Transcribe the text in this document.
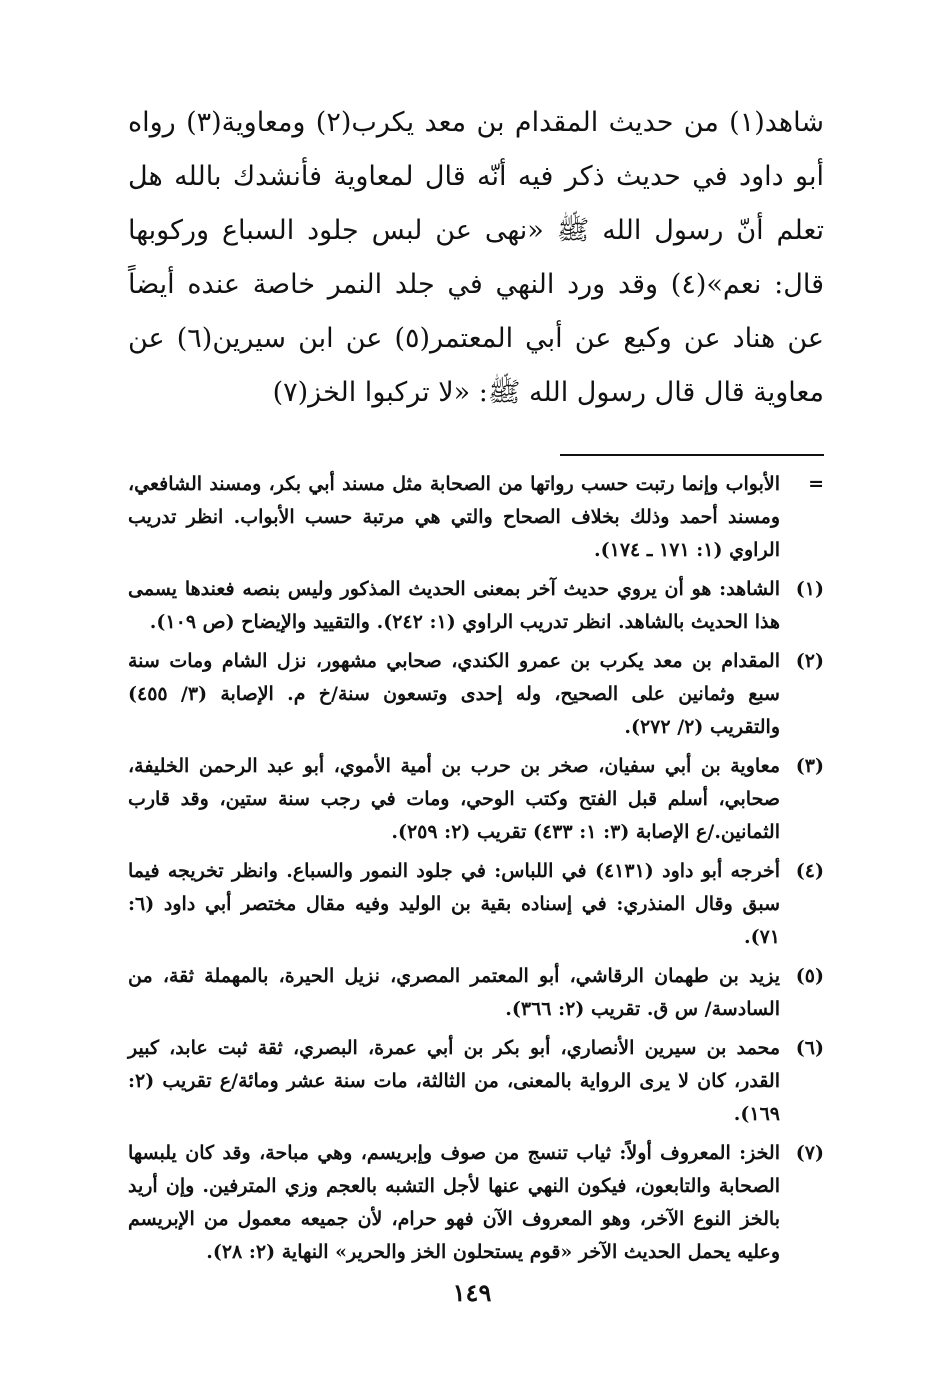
شاهد(١) من حديث المقدام بن معد يكرب(٢) ومعاوية(٣) رواه أبو داود في حديث ذكر فيه أنّه قال لمعاوية فأنشدك بالله هل تعلم أنّ رسول الله ﷺ «نهى عن لبس جلود السباع وركوبها قال: نعم»(٤) وقد ورد النهي في جلد النمر خاصة عنده أيضاً عن هناد عن وكيع عن أبي المعتمر(٥) عن ابن سيرين(٦) عن معاوية قال قال رسول الله ﷺ: «لا تركبوا الخز(٧)

=
الأبواب وإنما رتبت حسب رواتها من الصحابة مثل مسند أبي بكر، ومسند الشافعي، ومسند أحمد وذلك بخلاف الصحاح والتي هي مرتبة حسب الأبواب. انظر تدريب الراوي (١: ١٧١ ـ ١٧٤).
(١)
الشاهد: هو أن يروي حديث آخر بمعنى الحديث المذكور وليس بنصه فعندها يسمى هذا الحديث بالشاهد. انظر تدريب الراوي (١: ٢٤٢). والتقييد والإيضاح (ص ١٠٩).
(٢)
المقدام بن معد يكرب بن عمرو الكندي، صحابي مشهور، نزل الشام ومات سنة سبع وثمانين على الصحيح، وله إحدى وتسعون سنة/خ م. الإصابة (٣/ ٤٥٥) والتقريب (٢/ ٢٧٢).
(٣)
معاوية بن أبي سفيان، صخر بن حرب بن أمية الأموي، أبو عبد الرحمن الخليفة، صحابي، أسلم قبل الفتح وكتب الوحي، ومات في رجب سنة ستين، وقد قارب الثمانين./ع الإصابة (٣: ١: ٤٣٣) تقريب (٢: ٢٥٩).
(٤)
أخرجه أبو داود (٤١٣١) في اللباس: في جلود النمور والسباع. وانظر تخريجه فيما سبق وقال المنذري: في إسناده بقية بن الوليد وفيه مقال مختصر أبي داود (٦: ٧١).
(٥)
يزيد بن طهمان الرقاشي، أبو المعتمر المصري، نزيل الحيرة، بالمهملة ثقة، من السادسة/ س ق. تقريب (٢: ٣٦٦).
(٦)
محمد بن سيرين الأنصاري، أبو بكر بن أبي عمرة، البصري، ثقة ثبت عابد، كبير القدر، كان لا يرى الرواية بالمعنى، من الثالثة، مات سنة عشر ومائة/ع تقريب (٢: ١٦٩).
(٧)
الخز: المعروف أولاً: ثياب تنسج من صوف وإبريسم، وهي مباحة، وقد كان يلبسها الصحابة والتابعون، فيكون النهي عنها لأجل التشبه بالعجم وزي المترفين. وإن أريد بالخز النوع الآخر، وهو المعروف الآن فهو حرام، لأن جميعه معمول من الإبريسم وعليه يحمل الحديث الآخر «قوم يستحلون الخز والحرير» النهاية (٢: ٢٨).
١٤٩
